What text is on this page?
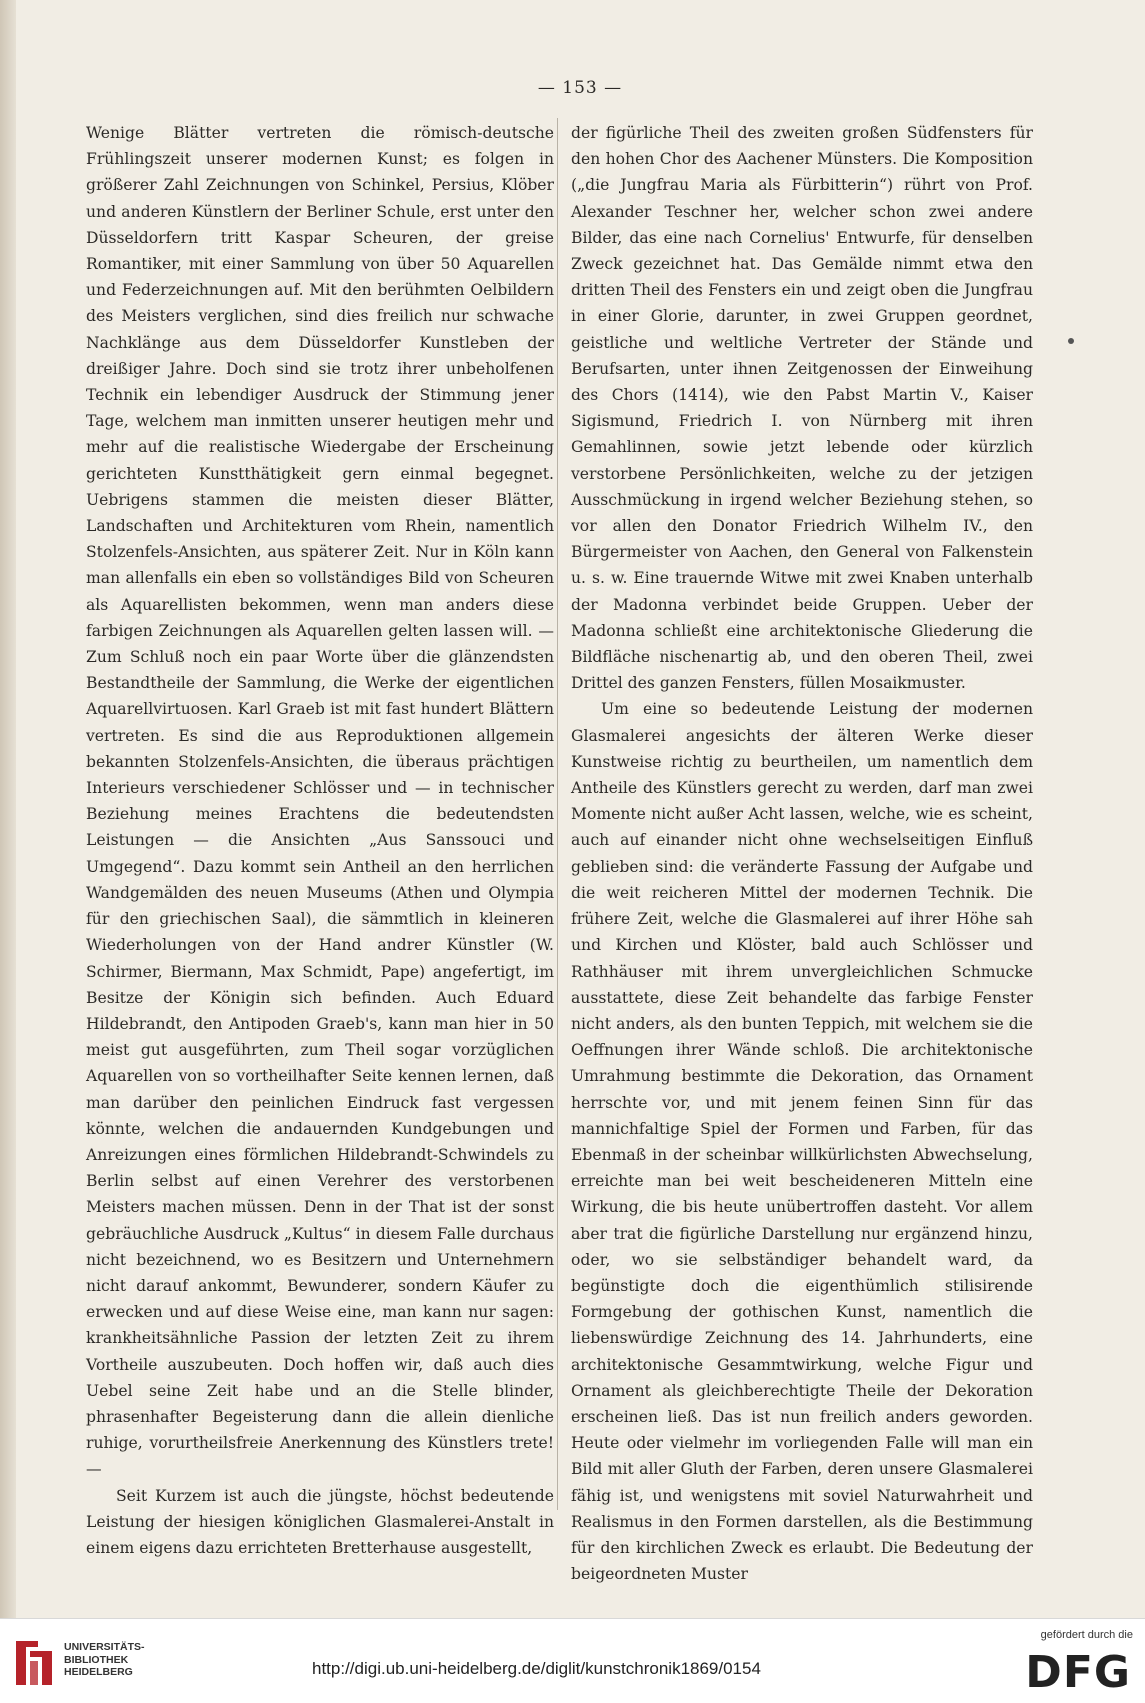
— 153 —

Wenige Blätter vertreten die römisch-deutsche Frühlingszeit unserer modernen Kunst; es folgen in größerer Zahl Zeichnungen von Schinkel, Persius, Klöber und anderen Künstlern der Berliner Schule, erst unter den Düsseldorfern tritt Kaspar Scheuren, der greise Romantiker, mit einer Sammlung von über 50 Aquarellen und Federzeichnungen auf. Mit den berühmten Oelbildern des Meisters verglichen, sind dies freilich nur schwache Nachklänge aus dem Düsseldorfer Kunstleben der dreißiger Jahre. Doch sind sie trotz ihrer unbeholfenen Technik ein lebendiger Ausdruck der Stimmung jener Tage, welchem man inmitten unserer heutigen mehr und mehr auf die realistische Wiedergabe der Erscheinung gerichteten Kunstthätigkeit gern einmal begegnet. Uebrigens stammen die meisten dieser Blätter, Landschaften und Architekturen vom Rhein, namentlich Stolzenfels-Ansichten, aus späterer Zeit. Nur in Köln kann man allenfalls ein eben so vollständiges Bild von Scheuren als Aquarellisten bekommen, wenn man anders diese farbigen Zeichnungen als Aquarellen gelten lassen will. — Zum Schluß noch ein paar Worte über die glänzendsten Bestandtheile der Sammlung, die Werke der eigentlichen Aquarellvirtuosen. Karl Graeb ist mit fast hundert Blättern vertreten. Es sind die aus Reproduktionen allgemein bekannten Stolzenfels-Ansichten, die überaus prächtigen Interieurs verschiedener Schlösser und — in technischer Beziehung meines Erachtens die bedeutendsten Leistungen — die Ansichten „Aus Sanssouci und Umgegend“. Dazu kommt sein Antheil an den herrlichen Wandgemälden des neuen Museums (Athen und Olympia für den griechischen Saal), die sämmtlich in kleineren Wiederholungen von der Hand andrer Künstler (W. Schirmer, Biermann, Max Schmidt, Pape) angefertigt, im Besitze der Königin sich befinden. Auch Eduard Hildebrandt, den Antipoden Graeb's, kann man hier in 50 meist gut ausgeführten, zum Theil sogar vorzüglichen Aquarellen von so vortheilhafter Seite kennen lernen, daß man darüber den peinlichen Eindruck fast vergessen könnte, welchen die andauernden Kundgebungen und Anreizungen eines förmlichen Hildebrandt-Schwindels zu Berlin selbst auf einen Verehrer des verstorbenen Meisters machen müssen. Denn in der That ist der sonst gebräuchliche Ausdruck „Kultus“ in diesem Falle durchaus nicht bezeichnend, wo es Besitzern und Unternehmern nicht darauf ankommt, Bewunderer, sondern Käufer zu erwecken und auf diese Weise eine, man kann nur sagen: krankheitsähnliche Passion der letzten Zeit zu ihrem Vortheile auszubeuten. Doch hoffen wir, daß auch dies Uebel seine Zeit habe und an die Stelle blinder, phrasenhafter Begeisterung dann die allein dienliche ruhige, vorurtheilsfreie Anerkennung des Künstlers trete! —

Seit Kurzem ist auch die jüngste, höchst bedeutende Leistung der hiesigen königlichen Glasmalerei-Anstalt in einem eigens dazu errichteten Bretterhause ausgestellt,

der figürliche Theil des zweiten großen Südfensters für den hohen Chor des Aachener Münsters. Die Komposition („die Jungfrau Maria als Fürbitterin“) rührt von Prof. Alexander Teschner her, welcher schon zwei andere Bilder, das eine nach Cornelius' Entwurfe, für denselben Zweck gezeichnet hat. Das Gemälde nimmt etwa den dritten Theil des Fensters ein und zeigt oben die Jungfrau in einer Glorie, darunter, in zwei Gruppen geordnet, geistliche und weltliche Vertreter der Stände und Berufsarten, unter ihnen Zeitgenossen der Einweihung des Chors (1414), wie den Pabst Martin V., Kaiser Sigismund, Friedrich I. von Nürnberg mit ihren Gemahlinnen, sowie jetzt lebende oder kürzlich verstorbene Persönlichkeiten, welche zu der jetzigen Ausschmückung in irgend welcher Beziehung stehen, so vor allen den Donator Friedrich Wilhelm IV., den Bürgermeister von Aachen, den General von Falkenstein u. s. w. Eine trauernde Witwe mit zwei Knaben unterhalb der Madonna verbindet beide Gruppen. Ueber der Madonna schließt eine architektonische Gliederung die Bildfläche nischenartig ab, und den oberen Theil, zwei Drittel des ganzen Fensters, füllen Mosaikmuster.

Um eine so bedeutende Leistung der modernen Glasmalerei angesichts der älteren Werke dieser Kunstweise richtig zu beurtheilen, um namentlich dem Antheile des Künstlers gerecht zu werden, darf man zwei Momente nicht außer Acht lassen, welche, wie es scheint, auch auf einander nicht ohne wechselseitigen Einfluß geblieben sind: die veränderte Fassung der Aufgabe und die weit reicheren Mittel der modernen Technik. Die frühere Zeit, welche die Glasmalerei auf ihrer Höhe sah und Kirchen und Klöster, bald auch Schlösser und Rathhäuser mit ihrem unvergleichlichen Schmucke ausstattete, diese Zeit behandelte das farbige Fenster nicht anders, als den bunten Teppich, mit welchem sie die Oeffnungen ihrer Wände schloß. Die architektonische Umrahmung bestimmte die Dekoration, das Ornament herrschte vor, und mit jenem feinen Sinn für das mannichfaltige Spiel der Formen und Farben, für das Ebenmaß in der scheinbar willkürlichsten Abwechselung, erreichte man bei weit bescheideneren Mitteln eine Wirkung, die bis heute unübertroffen dasteht. Vor allem aber trat die figürliche Darstellung nur ergänzend hinzu, oder, wo sie selbständiger behandelt ward, da begünstigte doch die eigenthümlich stilisirende Formgebung der gothischen Kunst, namentlich die liebenswürdige Zeichnung des 14. Jahrhunderts, eine architektonische Gesammtwirkung, welche Figur und Ornament als gleichberechtigte Theile der Dekoration erscheinen ließ. Das ist nun freilich anders geworden. Heute oder vielmehr im vorliegenden Falle will man ein Bild mit aller Gluth der Farben, deren unsere Glasmalerei fähig ist, und wenigstens mit soviel Naturwahrheit und Realismus in den Formen darstellen, als die Bestimmung für den kirchlichen Zweck es erlaubt. Die Bedeutung der beigeordneten Muster

UNIVERSITÄTS-
BIBLIOTHEK
HEIDELBERG	http://digi.ub.uni-heidelberg.de/diglit/kunstchronik1869/0154
gefördert durch die
DFG
